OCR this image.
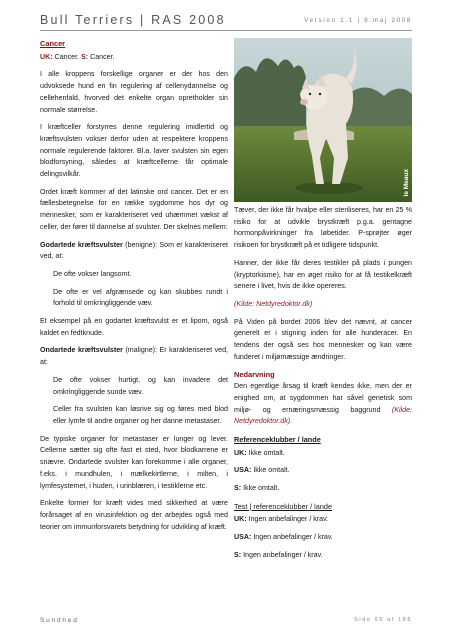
Bull Terriers | RAS 2008	Version 1.1 | 9.maj 2008
Cancer

UK: Cancer. S: Cancer.

I alle kroppens forskellige organer er der hos den udvoksede hund en fin regulering af cellenydannelse og cellehenfald, hvorved det enkelte organ opretholder sin normale størrelse.

I kræftceller forstyrres denne regulering imidlertid og kræftsvulsten vokser derfor uden at respektere kroppens normale regulerende faktorer. Bl.a. laver svulsten sin egen blodforsyning, således at kræftcellerne får optimale delingsvilkår.

Ordet kræft kommer af det latinske ord cancer. Det er en fællesbetegnelse for en række sygdomme hos dyr og mennesker, som er karakteriseret ved uhæmmet vækst af celler, der fører til dannelse af svulster. Der skelnes mellem:

Godartede kræftsvulster (benigne): Som er karakteriseret ved, at:

De ofte vokser langsomt.

De ofte er vel afgrænsede og kan skubbes rundt i forhold til omkringliggende væv.

Et eksempel på en godartet kræftsvulst er et lipom, også kaldet en fedtknude.

Ondartede kræftsvulster (maligne): Er karakteriseret ved, at:

De ofte vokser hurtigt, og kan invadere det omkringliggende sunde væv.

Celler fra svulsten kan løsrive sig og føres med blod eller lymfe til andre organer og her danne metastaser.

De typiske organer for metastaser er lunger og lever. Cellerne sætter sig ofte fast et sted, hvor blodkarrene er snævre. Ondartede svulster kan forekomme i alle organer, f.eks. i mundhulen, i mælkekirtlerne, i milten, i lymfesystemet, i huden, i urinblæren, i testiklerne etc.

Enkelte former for kræft vides med sikkerhed at være forårsaget af en virusinfektion og der arbejdes også med teorier om immunforsvarets betydning for udvikling af kræft.

le Meaux

Tæver, der ikke får hvalpe eller steriliseres, har en 25 % risiko for at udvikle brystkræft p.g.a. gentagne hormonpåvirkninger fra løbetider. P-sprøjter øger risikoen for brystkræft på et tidligere tidspunkt.

Hanner, der ikke får deres testikler på plads i pungen (kryptorkisme), har en øget risiko for at få testikelkræft senere i livet, hvis de ikke opereres.

(Kilde: Netdyredoktor.dk)

På Viden på bordet 2006 blev det nævnt, at cancer generelt er i stigning inden for alle hunderacer. En tendens der også ses hos mennesker og kan være funderet i miljømæssige ændringer.

Nedarvning

Den egentlige årsag til kræft kendes ikke, men der er enighed om, at sygdommen har såvel genetisk som miljø- og ernæringsmæssig baggrund (Kilde: Netdyredoktor.dk).

Referenceklubber / lande

UK: Ikke omtalt.

USA: Ikke omtalt.

S: Ikke omtalt.

Test | referenceklubber / lande

UK: Ingen anbefalinger / krav.

USA: Ingen anbefalinger / krav.

S: Ingen anbefalinger / krav.

Sundhed	Side 65 af 188
